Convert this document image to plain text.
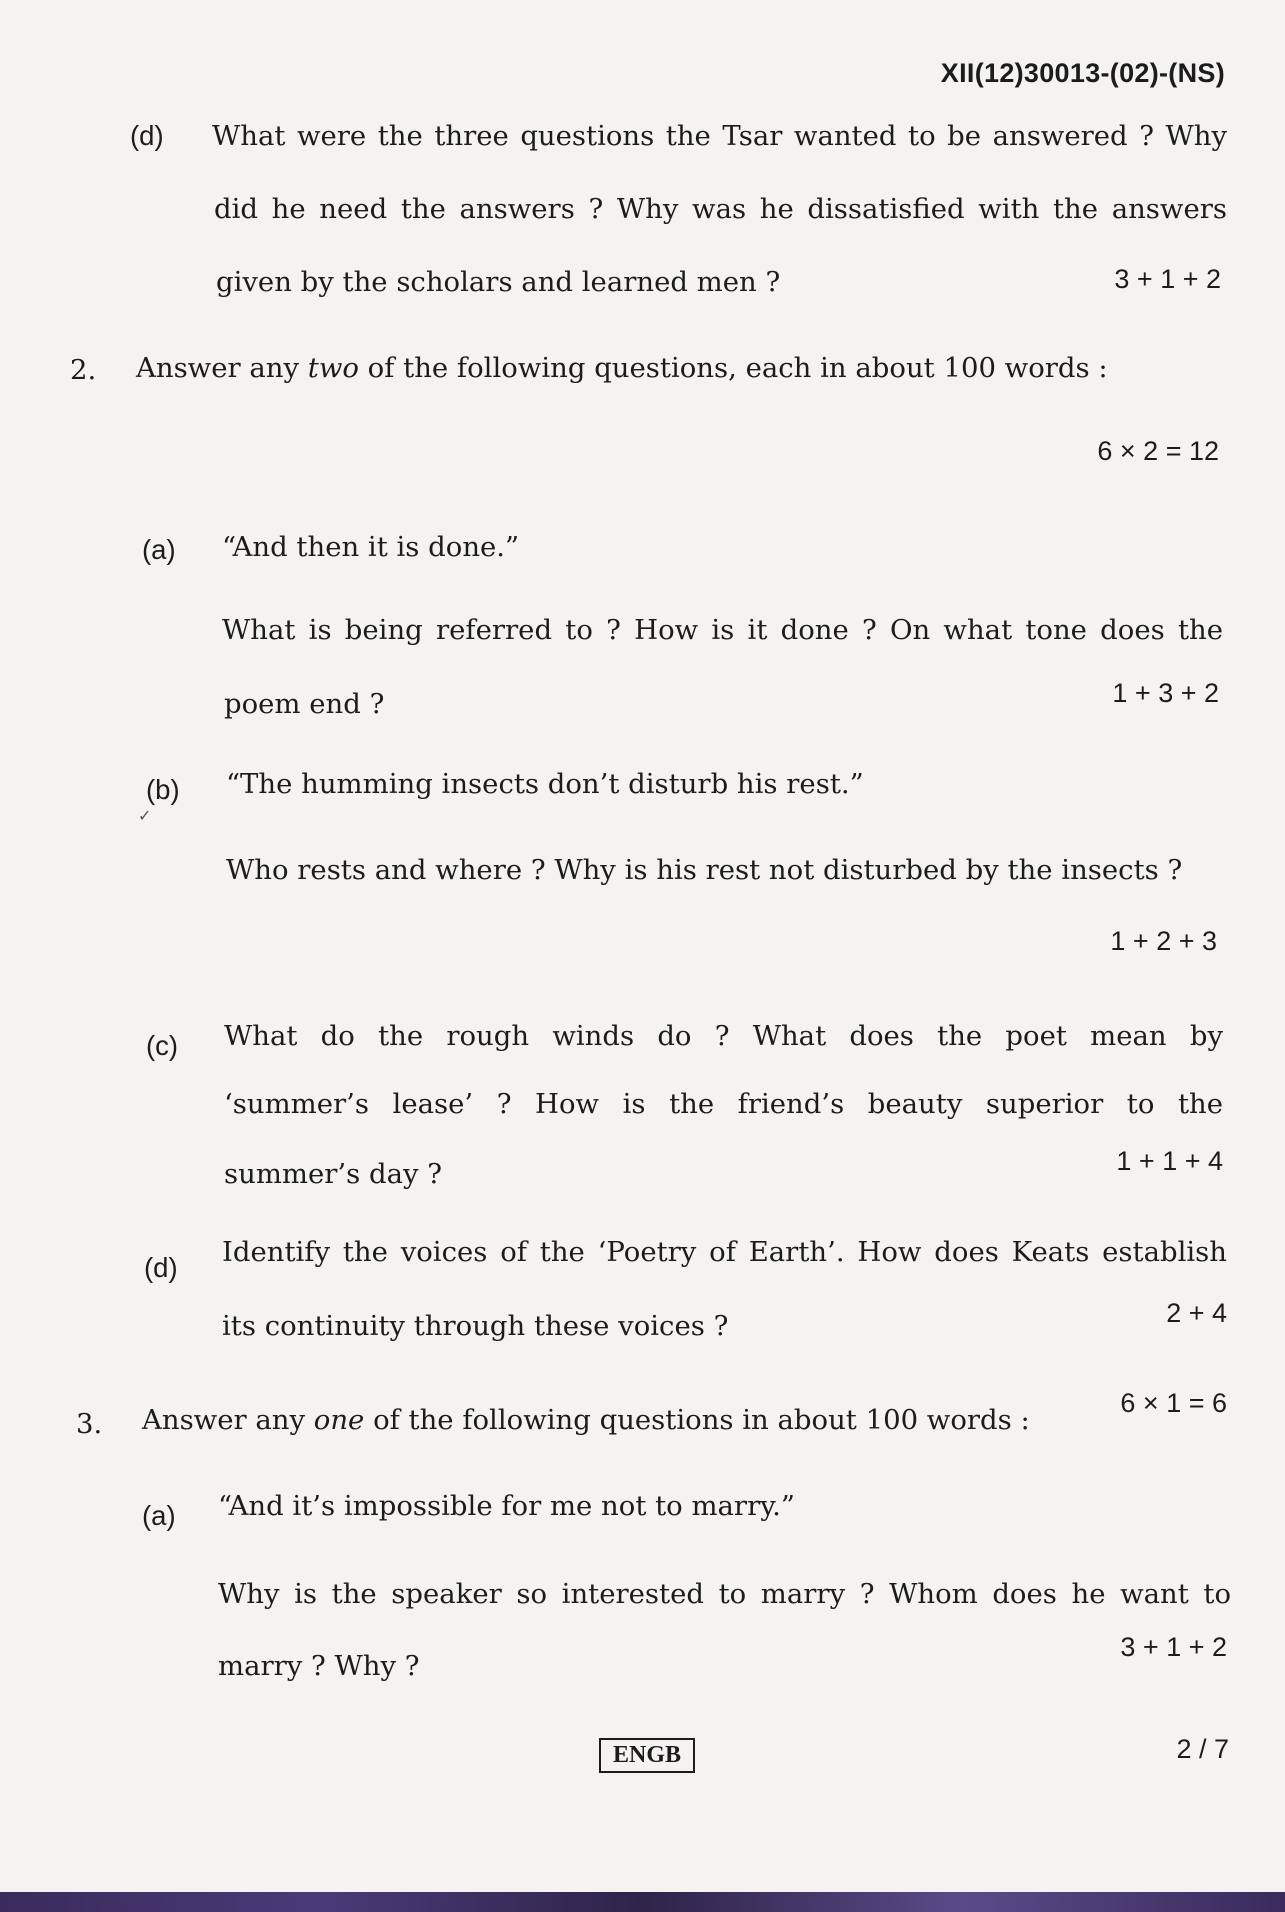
XII(12)30013-(02)-(NS)
(d) What were the three questions the Tsar wanted to be answered ? Why
did he need the answers ? Why was he dissatisfied with the answers
given by the scholars and learned men ?	3 + 1 + 2
2. Answer any two of the following questions, each in about 100 words :
6 × 2 = 12
(a) “And then it is done.”
What is being referred to ? How is it done ? On what tone does the
poem end ?	1 + 3 + 2
✓
(b) “The humming insects don’t disturb his rest.”
Who rests and where ? Why is his rest not disturbed by the insects ?
1 + 2 + 3
(c) What do the rough winds do ? What does the poet mean by
‘summer’s lease’ ? How is the friend’s beauty superior to the
summer’s day ?	1 + 1 + 4
(d) Identify the voices of the ‘Poetry of Earth’. How does Keats establish
its continuity through these voices ?	2 + 4
3. Answer any one of the following questions in about 100 words :
6 × 1 = 6
(a) “And it’s impossible for me not to marry.”
Why is the speaker so interested to marry ? Whom does he want to
marry ? Why ?
3 + 1 + 2
ENGB	2 / 7
